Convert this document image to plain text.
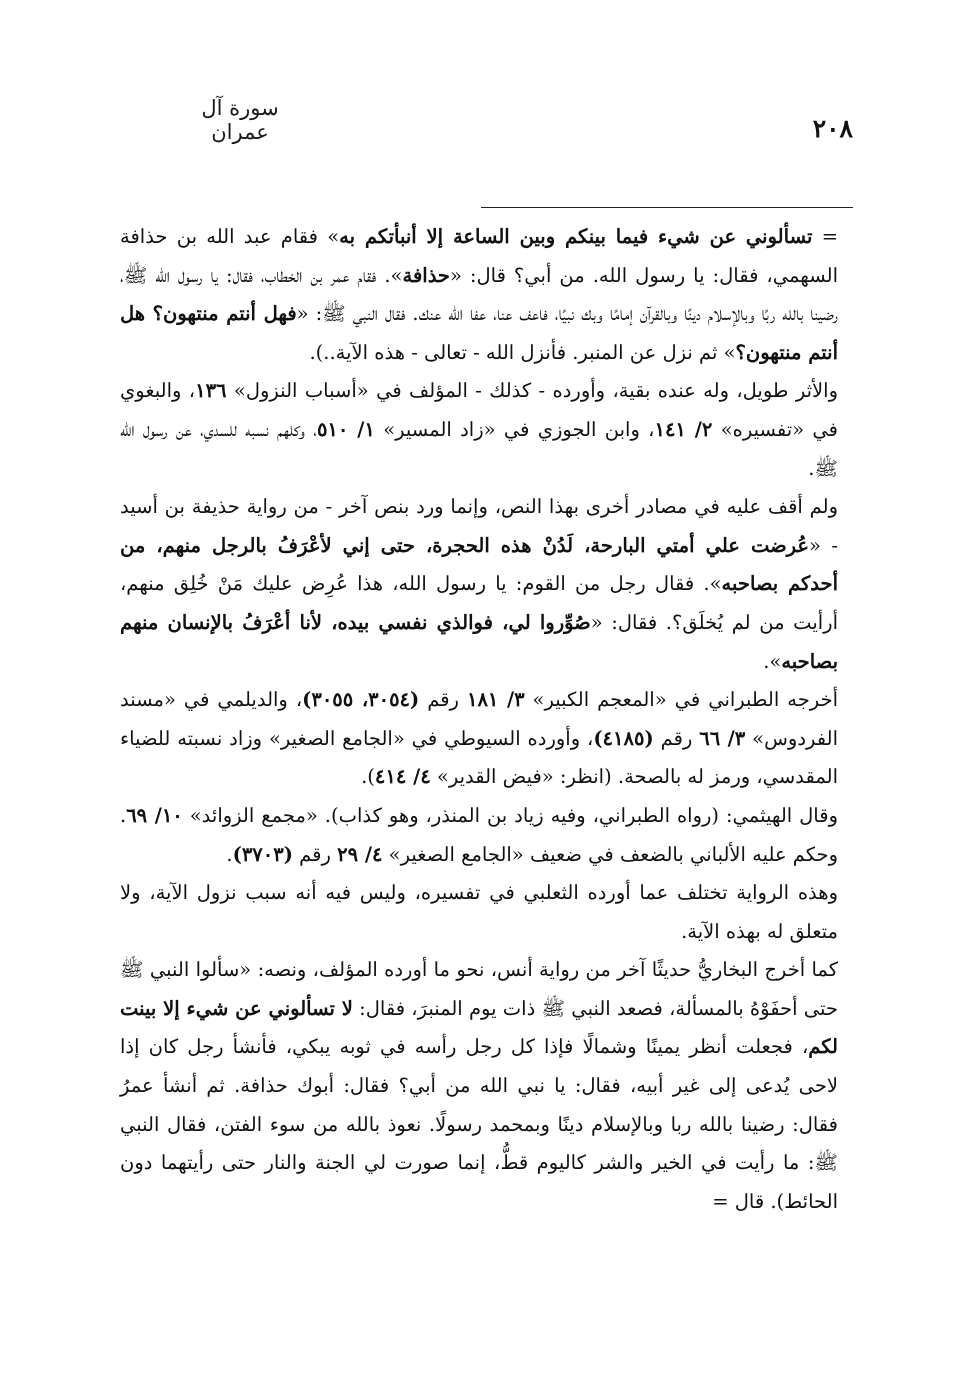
سورة آل عمران	٢٠٨

= تسألوني عن شيء فيما بينكم وبين الساعة إلا أنبأتكم به» فقام عبد الله بن حذافة السهمي، فقال: يا رسول الله. من أبي؟ قال: «حذافة». فقام عمر بن الخطاب، فقال: يا رسول الله ﷺ، رضينا بالله ربًا وبالإسلام دينًا وبالقرآن إمامًا وبك نبيًا، فاعف عنا، عفا الله عنك. فقال النبي ﷺ: «فهل أنتم منتهون؟ هل أنتم منتهون؟» ثم نزل عن المنبر. فأنزل الله - تعالى - هذه الآية..).

والأثر طويل، وله عنده بقية، وأورده - كذلك - المؤلف في «أسباب النزول» ١٣٦، والبغوي في «تفسيره» ٢/ ١٤١، وابن الجوزي في «زاد المسير» ١/ ٥١٠، وكلهم نسبه للسدي، عن رسول الله ﷺ.

ولم أقف عليه في مصادر أخرى بهذا النص، وإنما ورد بنص آخر - من رواية حذيفة بن أسيد - «عُرضت علي أمتي البارحة، لَدُنْ هذه الحجرة، حتى إني لأعْرَفُ بالرجل منهم، من أحدكم بصاحبه». فقال رجل من القوم: يا رسول الله، هذا عُرِض عليك مَنْ خُلِق منهم، أرأيت من لم يُخلَق؟. فقال: «صُوِّروا لي، فوالذي نفسي بيده، لأنا أعْرَفُ بالإنسان منهم بصاحبه».

أخرجه الطبراني في «المعجم الكبير» ٣/ ١٨١ رقم (٣٠٥٤، ٣٠٥٥)، والديلمي في «مسند الفردوس» ٣/ ٦٦ رقم (٤١٨٥)، وأورده السيوطي في «الجامع الصغير» وزاد نسبته للضياء المقدسي، ورمز له بالصحة. (انظر: «فيض القدير» ٤/ ٤١٤).

وقال الهيثمي: (رواه الطبراني، وفيه زياد بن المنذر، وهو كذاب). «مجمع الزوائد» ١٠/ ٦٩. وحكم عليه الألباني بالضعف في ضعيف «الجامع الصغير» ٤/ ٢٩ رقم (٣٧٠٣).

وهذه الرواية تختلف عما أورده الثعلبي في تفسيره، وليس فيه أنه سبب نزول الآية، ولا متعلق له بهذه الآية.

كما أخرج البخاريُّ حديثًا آخر من رواية أنس، نحو ما أورده المؤلف، ونصه: «سألوا النبي ﷺ حتى أحفَوْهُ بالمسألة، فصعد النبي ﷺ ذات يوم المنبرَ، فقال: لا تسألوني عن شيء إلا بينت لكم، فجعلت أنظر يمينًا وشمالًا فإذا كل رجل رأسه في ثوبه يبكي، فأنشأ رجل كان إذا لاحى يُدعى إلى غير أبيه، فقال: يا نبي الله من أبي؟ فقال: أبوك حذافة. ثم أنشأ عمرُ فقال: رضينا بالله ربا وبالإسلام دينًا وبمحمد رسولًا. نعوذ بالله من سوء الفتن، فقال النبي ﷺ: ما رأيت في الخير والشر كاليوم قطُّ، إنما صورت لي الجنة والنار حتى رأيتهما دون الحائط). قال =
